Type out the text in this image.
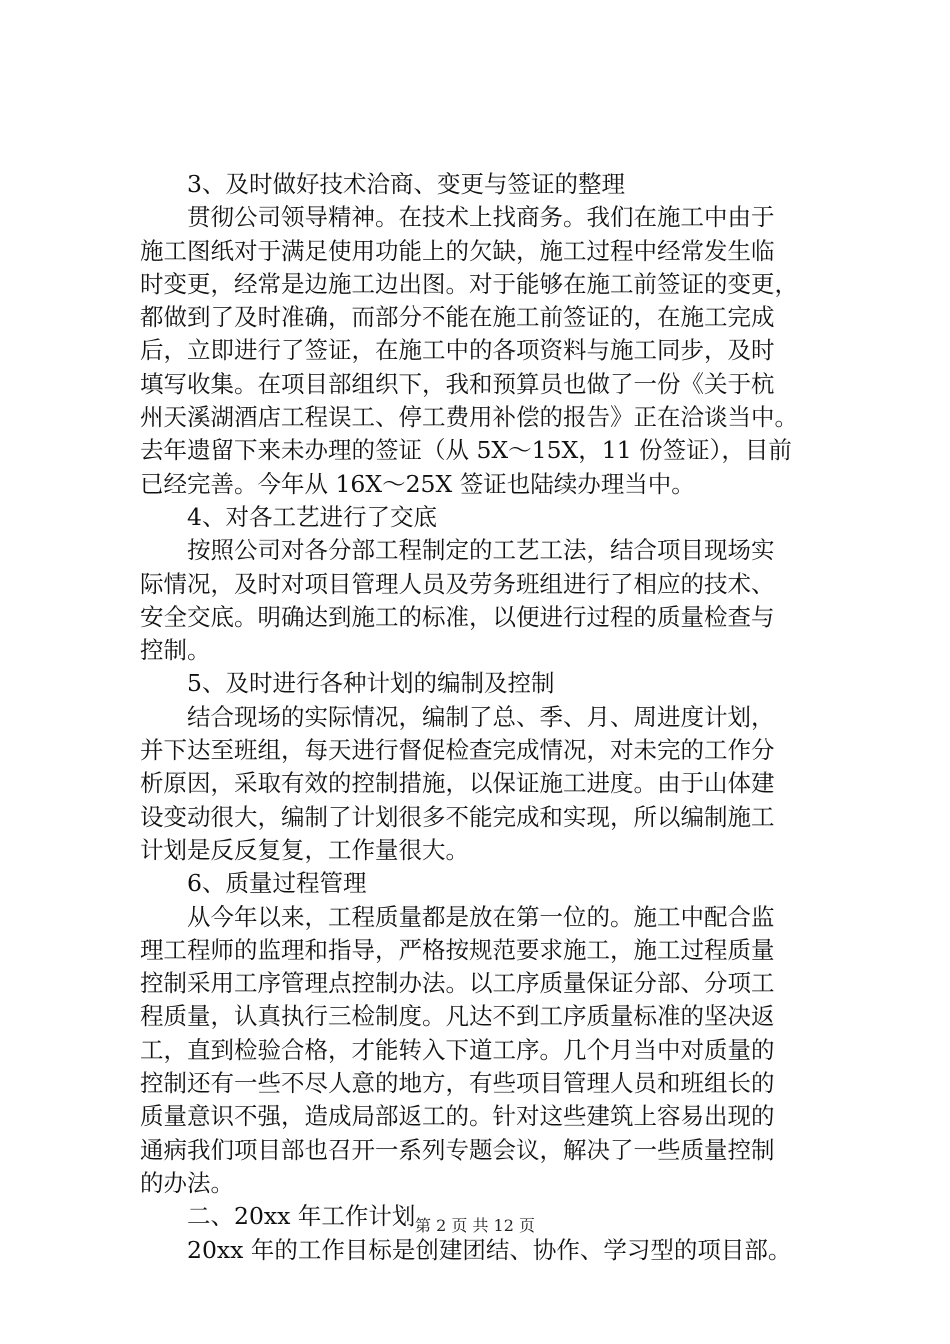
3、及时做好技术洽商、变更与签证的整理
贯彻公司领导精神。在技术上找商务。我们在施工中由于
施工图纸对于满足使用功能上的欠缺，施工过程中经常发生临
时变更，经常是边施工边出图。对于能够在施工前签证的变更，
都做到了及时准确，而部分不能在施工前签证的，在施工完成
后，立即进行了签证，在施工中的各项资料与施工同步，及时
填写收集。在项目部组织下，我和预算员也做了一份《关于杭
州天溪湖酒店工程误工、停工费用补偿的报告》正在洽谈当中。
去年遗留下来未办理的签证（从 5X～15X，11 份签证），目前
已经完善。今年从 16X～25X 签证也陆续办理当中。
4、对各工艺进行了交底
按照公司对各分部工程制定的工艺工法，结合项目现场实
际情况，及时对项目管理人员及劳务班组进行了相应的技术、
安全交底。明确达到施工的标准，以便进行过程的质量检查与
控制。
5、及时进行各种计划的编制及控制
结合现场的实际情况，编制了总、季、月、周进度计划，
并下达至班组，每天进行督促检查完成情况，对未完的工作分
析原因，采取有效的控制措施，以保证施工进度。由于山体建
设变动很大，编制了计划很多不能完成和实现，所以编制施工
计划是反反复复，工作量很大。
6、质量过程管理
从今年以来，工程质量都是放在第一位的。施工中配合监
理工程师的监理和指导，严格按规范要求施工，施工过程质量
控制采用工序管理点控制办法。以工序质量保证分部、分项工
程质量，认真执行三检制度。凡达不到工序质量标准的坚决返
工，直到检验合格，才能转入下道工序。几个月当中对质量的
控制还有一些不尽人意的地方，有些项目管理人员和班组长的
质量意识不强，造成局部返工的。针对这些建筑上容易出现的
通病我们项目部也召开一系列专题会议，解决了一些质量控制
的办法。
二、20xx 年工作计划
20xx 年的工作目标是创建团结、协作、学习型的项目部。
第 2 页 共 12 页
